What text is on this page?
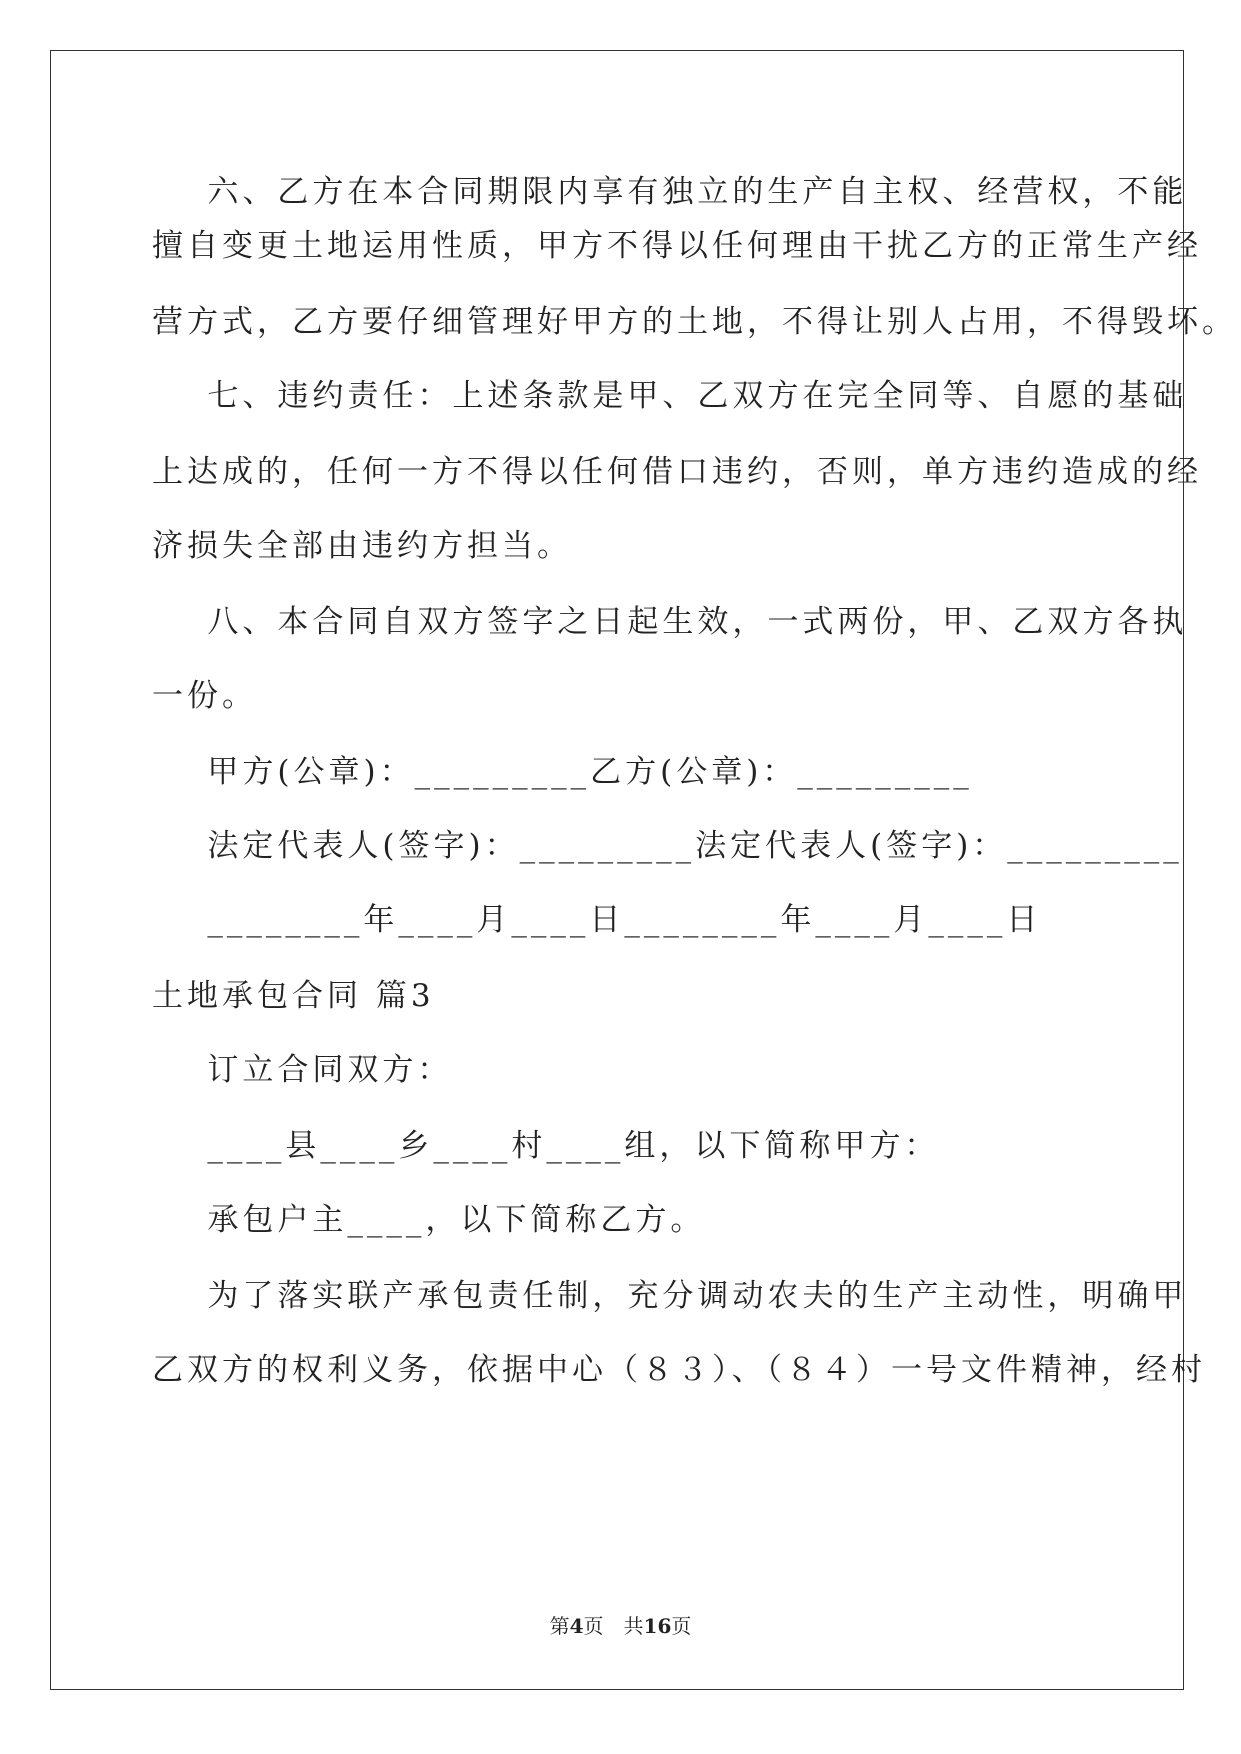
六、乙方在本合同期限内享有独立的生产自主权、经营权，不能

擅自变更土地运用性质，甲方不得以任何理由干扰乙方的正常生产经

营方式，乙方要仔细管理好甲方的土地，不得让别人占用，不得毁坏。

七、违约责任：上述条款是甲、乙双方在完全同等、自愿的基础

上达成的，任何一方不得以任何借口违约，否则，单方违约造成的经

济损失全部由违约方担当。

八、本合同自双方签字之日起生效，一式两份，甲、乙双方各执

一份。

甲方(公章)：_________乙方(公章)：_________

法定代表人(签字)：_________法定代表人(签字)：_________

________年____月____日________年____月____日

土地承包合同 篇3

订立合同双方：

____县____乡____村____组，以下简称甲方：

承包户主____，以下简称乙方。

为了落实联产承包责任制，充分调动农夫的生产主动性，明确甲

乙双方的权利义务，依据中心（８３）、（８４）一号文件精神，经村

第4页　共16页
